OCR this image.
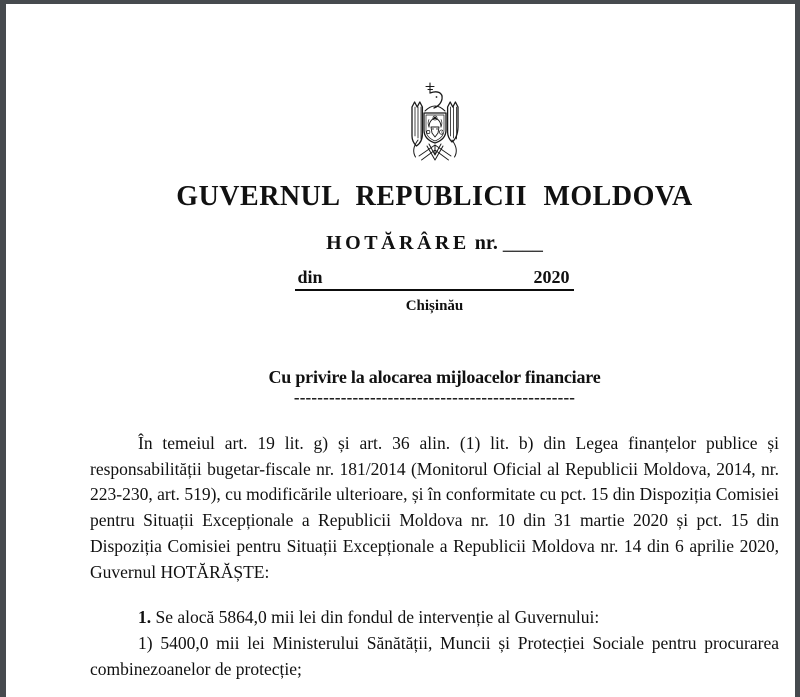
GUVERNUL REPUBLICII MOLDOVA
HOTĂRÂRE nr. ____
din	2020
Chișinău
Cu privire la alocarea mijloacelor financiare
------------------------------------------------

În temeiul art. 19 lit. g) și art. 36 alin. (1) lit. b) din Legea finanțelor publice și responsabilității bugetar-fiscale nr. 181/2014 (Monitorul Oficial al Republicii Moldova, 2014, nr. 223-230, art. 519), cu modificările ulterioare, și în conformitate cu pct. 15 din Dispoziția Comisiei pentru Situații Excepționale a Republicii Moldova nr. 10 din 31 martie 2020 și pct. 15 din Dispoziția Comisiei pentru Situații Excepționale a Republicii Moldova nr. 14 din 6 aprilie 2020, Guvernul HOTĂRĂȘTE:

1. Se alocă 5864,0 mii lei din fondul de intervenție al Guvernului:

1) 5400,0 mii lei Ministerului Sănătății, Muncii și Protecției Sociale pentru procurarea combinezoanelor de protecție;
